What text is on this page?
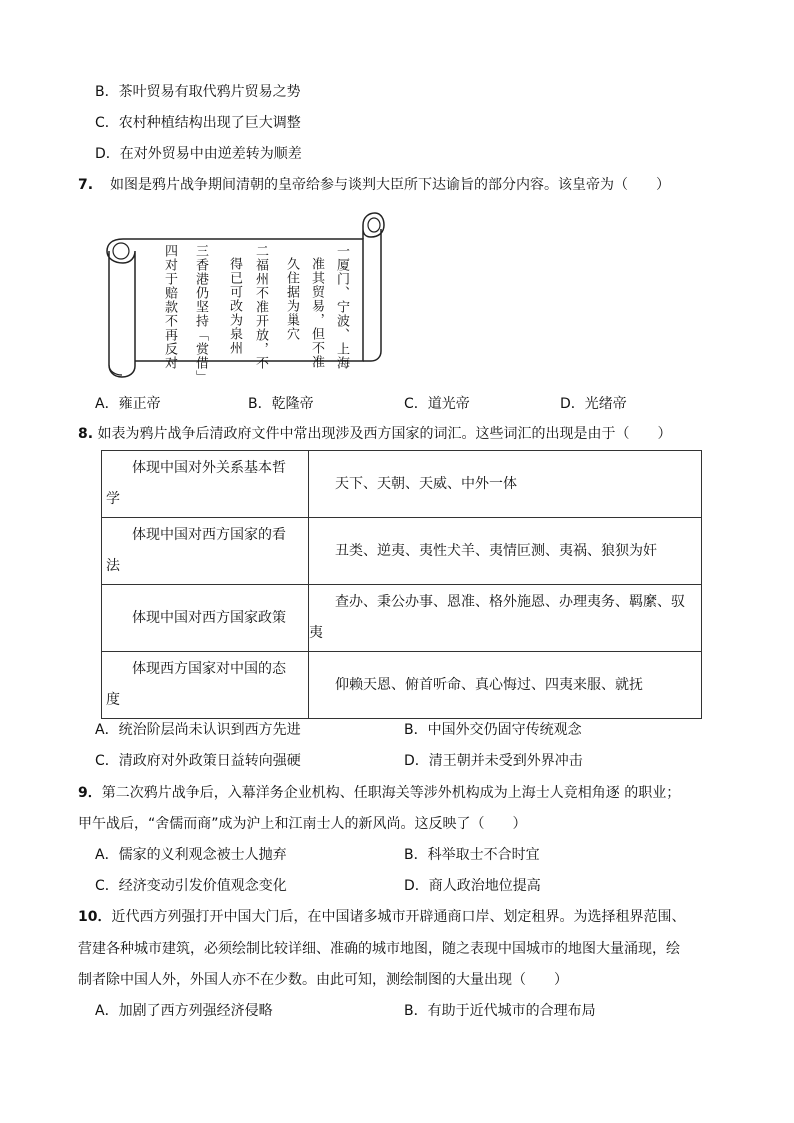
B．茶叶贸易有取代鸦片贸易之势
C．农村种植结构出现了巨大调整
D．在对外贸易中由逆差转为顺差
7. 如图是鸦片战争期间清朝的皇帝给参与谈判大臣所下达谕旨的部分内容。该皇帝为（　　）
一厦门、宁波、上海
准其贸易，但不准
久住据为巢穴
二福州不准开放，不
得已可改为泉州
三香港仍坚持「赏借」
四对于赔款不再反对
A．雍正帝	B．乾隆帝	C．道光帝	D．光绪帝
8. 如表为鸦片战争后清政府文件中常出现涉及西方国家的词汇。这些词汇的出现是由于（　　）
体现中国对外关系基本哲
学	天下、天朝、天威、中外一体
体现中国对西方国家的看
法	丑类、逆夷、夷性犬羊、夷情叵测、夷祸、狼狈为奸
体现中国对西方国家政策	查办、秉公办事、恩准、格外施恩、办理夷务、羁縻、驭
夷
体现西方国家对中国的态
度	仰赖天恩、俯首听命、真心悔过、四夷来服、就抚
A．统治阶层尚未认识到西方先进	B．中国外交仍固守传统观念
C．清政府对外政策日益转向强硬	D．清王朝并未受到外界冲击
9．第二次鸦片战争后，入幕洋务企业机构、任职海关等涉外机构成为上海士人竞相角逐 的职业；
甲午战后，“舍儒而商”成为沪上和江南士人的新风尚。这反映了（　　）
A．儒家的义利观念被士人抛弃	B．科举取士不合时宜
C．经济变动引发价值观念变化	D．商人政治地位提高
10．近代西方列强打开中国大门后，在中国诸多城市开辟通商口岸、划定租界。为选择租界范围、
营建各种城市建筑，必须绘制比较详细、准确的城市地图，随之表现中国城市的地图大量涌现，绘
制者除中国人外，外国人亦不在少数。由此可知，测绘制图的大量出现（　　）
A．加剧了西方列强经济侵略	B．有助于近代城市的合理布局
